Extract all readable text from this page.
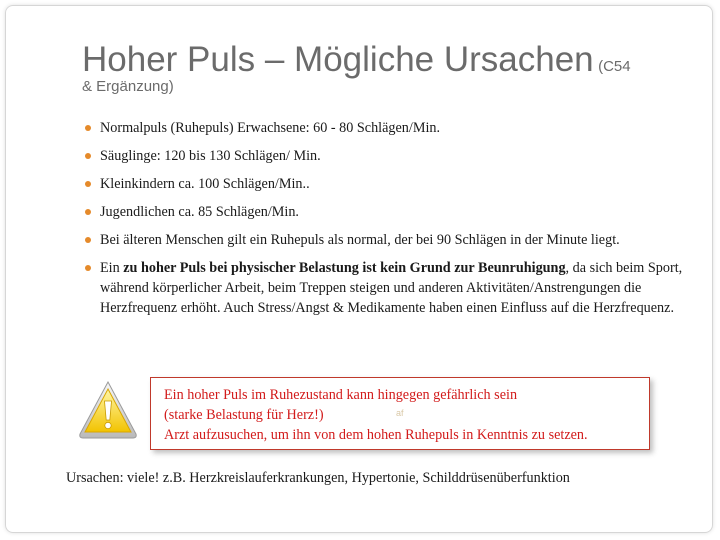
Hoher Puls – Mögliche Ursachen (C54
& Ergänzung)
Normalpuls (Ruhepuls) Erwachsene: 60 - 80 Schlägen/Min.
Säuglinge: 120 bis 130 Schlägen/ Min.
Kleinkindern ca. 100 Schlägen/Min..
Jugendlichen ca. 85 Schlägen/Min.
Bei älteren Menschen gilt ein Ruhepuls als normal, der bei 90 Schlägen in der Minute liegt.
Ein zu hoher Puls bei physischer Belastung ist kein Grund zur Beunruhigung, da sich beim Sport, während körperlicher Arbeit, beim Treppen steigen und anderen Aktivitäten/Anstrengungen die Herzfrequenz erhöht. Auch Stress/Angst & Medikamente haben einen Einfluss auf die Herzfrequenz.
Ein hoher Puls im Ruhezustand kann hingegen gefährlich sein
(starke Belastung für Herz!)
Arzt aufzusuchen, um ihn von dem hohen Ruhepuls in Kenntnis zu setzen.
af
Ursachen: viele! z.B. Herzkreislauferkrankungen, Hypertonie, Schilddrüsenüberfunktion
